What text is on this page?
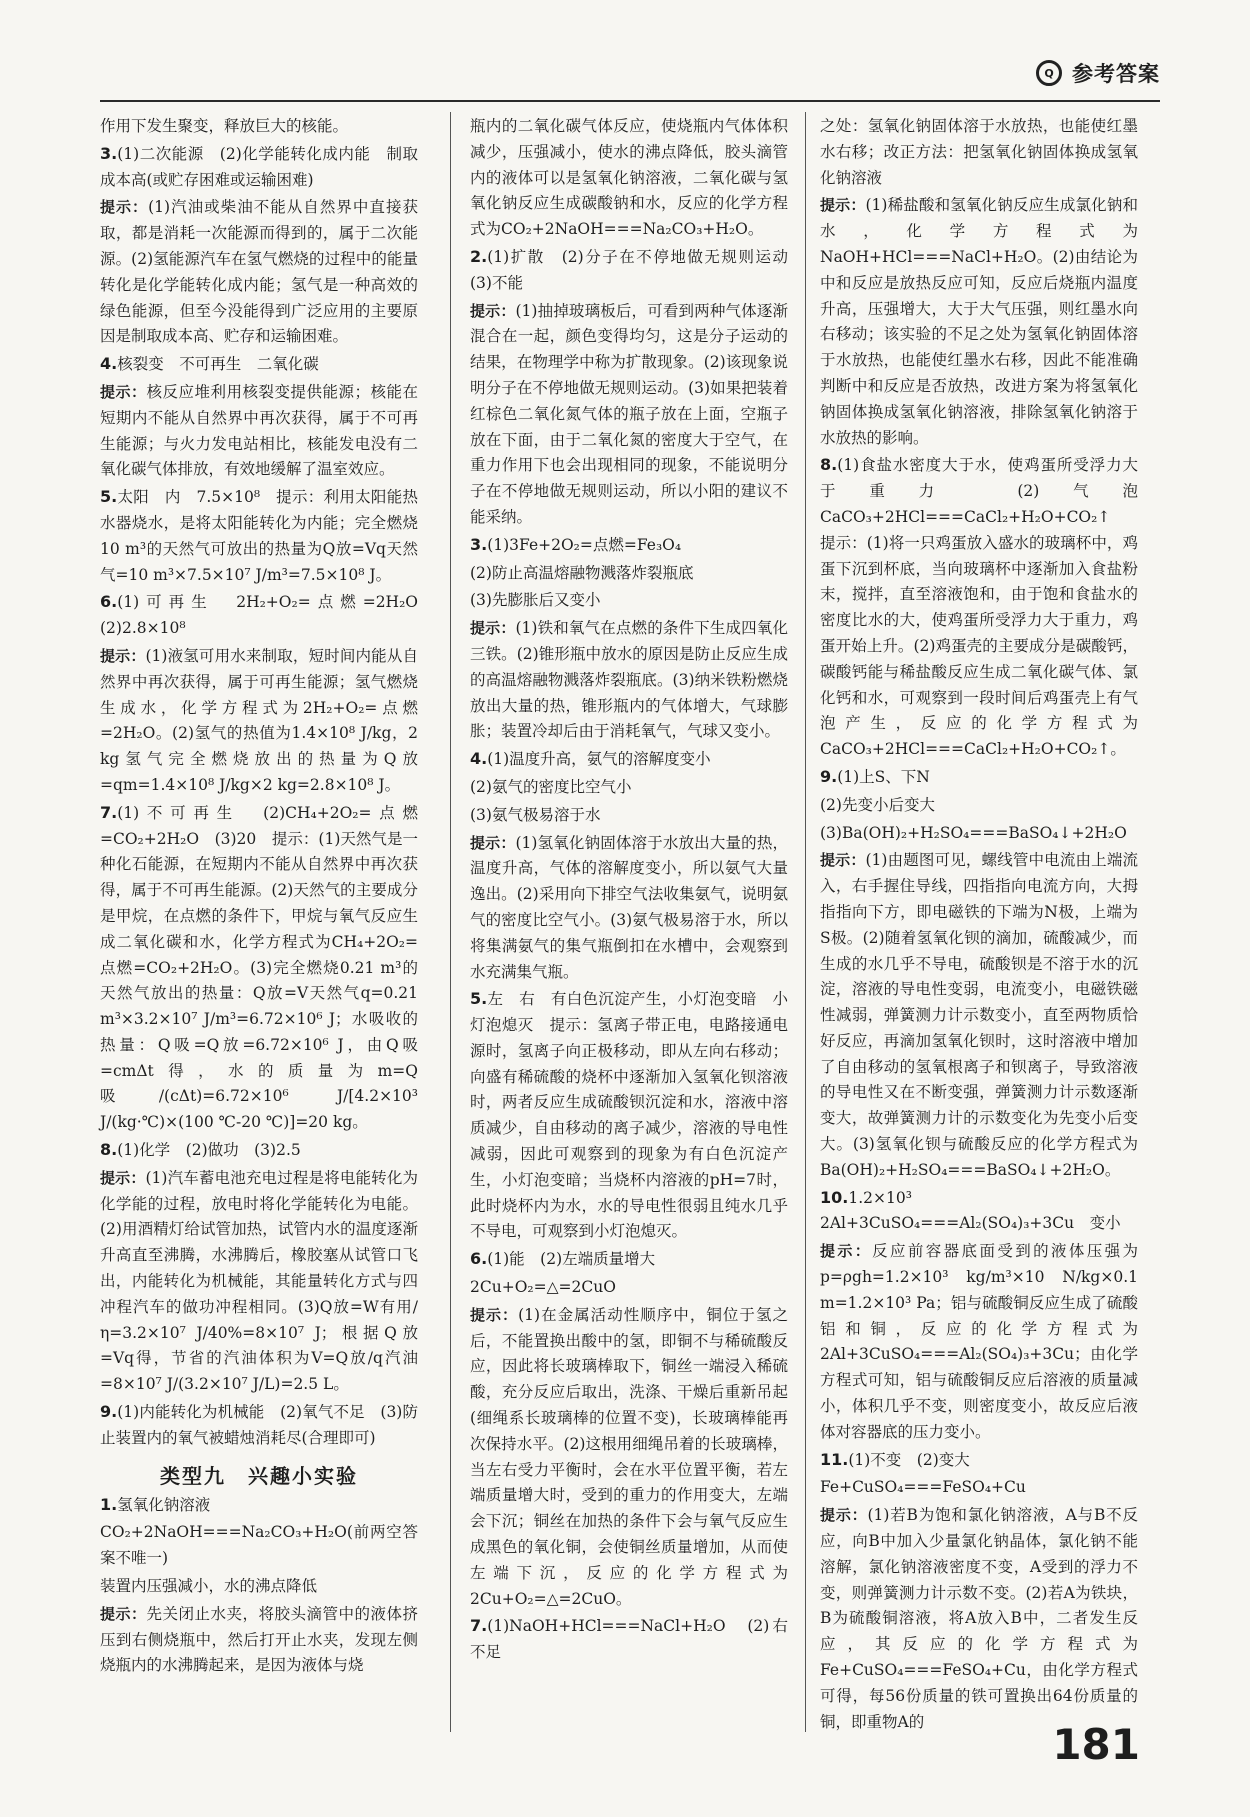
Q 参考答案

作用下发生聚变，释放巨大的核能。

3.(1)二次能源　(2)化学能转化成内能　制取成本高(或贮存困难或运输困难)

提示：(1)汽油或柴油不能从自然界中直接获取，都是消耗一次能源而得到的，属于二次能源。(2)氢能源汽车在氢气燃烧的过程中的能量转化是化学能转化成内能；氢气是一种高效的绿色能源，但至今没能得到广泛应用的主要原因是制取成本高、贮存和运输困难。

4.核裂变　不可再生　二氧化碳

提示：核反应堆利用核裂变提供能源；核能在短期内不能从自然界中再次获得，属于不可再生能源；与火力发电站相比，核能发电没有二氧化碳气体排放，有效地缓解了温室效应。

5.太阳　内　7.5×10⁸　提示：利用太阳能热水器烧水，是将太阳能转化为内能；完全燃烧10 m³的天然气可放出的热量为Q放=Vq天然气=10 m³×7.5×10⁷ J/m³=7.5×10⁸ J。

6.(1)可再生　2H₂+O₂=点燃=2H₂O　(2)2.8×10⁸

提示：(1)液氢可用水来制取，短时间内能从自然界中再次获得，属于可再生能源；氢气燃烧生成水，化学方程式为2H₂+O₂=点燃=2H₂O。(2)氢气的热值为1.4×10⁸ J/kg，2 kg氢气完全燃烧放出的热量为Q放=qm=1.4×10⁸ J/kg×2 kg=2.8×10⁸ J。

7.(1)不可再生　(2)CH₄+2O₂=点燃=CO₂+2H₂O　(3)20　提示：(1)天然气是一种化石能源，在短期内不能从自然界中再次获得，属于不可再生能源。(2)天然气的主要成分是甲烷，在点燃的条件下，甲烷与氧气反应生成二氧化碳和水，化学方程式为CH₄+2O₂=点燃=CO₂+2H₂O。(3)完全燃烧0.21 m³的天然气放出的热量：Q放=V天然气q=0.21 m³×3.2×10⁷ J/m³=6.72×10⁶ J；水吸收的热量：Q吸=Q放=6.72×10⁶ J，由Q吸=cmΔt得，水的质量为m=Q吸/(cΔt)=6.72×10⁶ J/[4.2×10³ J/(kg·℃)×(100 ℃-20 ℃)]=20 kg。

8.(1)化学　(2)做功　(3)2.5

提示：(1)汽车蓄电池充电过程是将电能转化为化学能的过程，放电时将化学能转化为电能。(2)用酒精灯给试管加热，试管内水的温度逐渐升高直至沸腾，水沸腾后，橡胶塞从试管口飞出，内能转化为机械能，其能量转化方式与四冲程汽车的做功冲程相同。(3)Q放=W有用/η=3.2×10⁷ J/40%=8×10⁷ J；根据Q放=Vq得，节省的汽油体积为V=Q放/q汽油=8×10⁷ J/(3.2×10⁷ J/L)=2.5 L。

9.(1)内能转化为机械能　(2)氧气不足　(3)防止装置内的氧气被蜡烛消耗尽(合理即可)

类型九　兴趣小实验

1.氢氧化钠溶液

CO₂+2NaOH===Na₂CO₃+H₂O(前两空答案不唯一)

装置内压强减小，水的沸点降低

提示：先关闭止水夹，将胶头滴管中的液体挤压到右侧烧瓶中，然后打开止水夹，发现左侧烧瓶内的水沸腾起来，是因为液体与烧

瓶内的二氧化碳气体反应，使烧瓶内气体体积减少，压强减小，使水的沸点降低，胶头滴管内的液体可以是氢氧化钠溶液，二氧化碳与氢氧化钠反应生成碳酸钠和水，反应的化学方程式为CO₂+2NaOH===Na₂CO₃+H₂O。

2.(1)扩散　(2)分子在不停地做无规则运动　(3)不能

提示：(1)抽掉玻璃板后，可看到两种气体逐渐混合在一起，颜色变得均匀，这是分子运动的结果，在物理学中称为扩散现象。(2)该现象说明分子在不停地做无规则运动。(3)如果把装着红棕色二氧化氮气体的瓶子放在上面，空瓶子放在下面，由于二氧化氮的密度大于空气，在重力作用下也会出现相同的现象，不能说明分子在不停地做无规则运动，所以小阳的建议不能采纳。

3.(1)3Fe+2O₂=点燃=Fe₃O₄

(2)防止高温熔融物溅落炸裂瓶底

(3)先膨胀后又变小

提示：(1)铁和氧气在点燃的条件下生成四氧化三铁。(2)锥形瓶中放水的原因是防止反应生成的高温熔融物溅落炸裂瓶底。(3)纳米铁粉燃烧放出大量的热，锥形瓶内的气体增大，气球膨胀；装置冷却后由于消耗氧气，气球又变小。

4.(1)温度升高，氨气的溶解度变小

(2)氨气的密度比空气小

(3)氨气极易溶于水

提示：(1)氢氧化钠固体溶于水放出大量的热，温度升高，气体的溶解度变小，所以氨气大量逸出。(2)采用向下排空气法收集氨气，说明氨气的密度比空气小。(3)氨气极易溶于水，所以将集满氨气的集气瓶倒扣在水槽中，会观察到水充满集气瓶。

5.左　右　有白色沉淀产生，小灯泡变暗　小灯泡熄灭　提示：氢离子带正电，电路接通电源时，氢离子向正极移动，即从左向右移动；向盛有稀硫酸的烧杯中逐渐加入氢氧化钡溶液时，两者反应生成硫酸钡沉淀和水，溶液中溶质减少，自由移动的离子减少，溶液的导电性减弱，因此可观察到的现象为有白色沉淀产生，小灯泡变暗；当烧杯内溶液的pH=7时，此时烧杯内为水，水的导电性很弱且纯水几乎不导电，可观察到小灯泡熄灭。

6.(1)能　(2)左端质量增大

2Cu+O₂=△=2CuO

提示：(1)在金属活动性顺序中，铜位于氢之后，不能置换出酸中的氢，即铜不与稀硫酸反应，因此将长玻璃棒取下，铜丝一端浸入稀硫酸，充分反应后取出，洗涤、干燥后重新吊起(细绳系长玻璃棒的位置不变)，长玻璃棒能再次保持水平。(2)这根用细绳吊着的长玻璃棒，当左右受力平衡时，会在水平位置平衡，若左端质量增大时，受到的重力的作用变大，左端会下沉；铜丝在加热的条件下会与氧气反应生成黑色的氧化铜，会使铜丝质量增加，从而使左端下沉，反应的化学方程式为2Cu+O₂=△=2CuO。

7.(1)NaOH+HCl===NaCl+H₂O　(2)右　不足

之处：氢氧化钠固体溶于水放热，也能使红墨水右移；改正方法：把氢氧化钠固体换成氢氧化钠溶液

提示：(1)稀盐酸和氢氧化钠反应生成氯化钠和水，化学方程式为NaOH+HCl===NaCl+H₂O。(2)由结论为中和反应是放热反应可知，反应后烧瓶内温度升高，压强增大，大于大气压强，则红墨水向右移动；该实验的不足之处为氢氧化钠固体溶于水放热，也能使红墨水右移，因此不能准确判断中和反应是否放热，改进方案为将氢氧化钠固体换成氢氧化钠溶液，排除氢氧化钠溶于水放热的影响。

8.(1)食盐水密度大于水，使鸡蛋所受浮力大于重力　(2)气泡　CaCO₃+2HCl===CaCl₂+H₂O+CO₂↑　提示：(1)将一只鸡蛋放入盛水的玻璃杯中，鸡蛋下沉到杯底，当向玻璃杯中逐渐加入食盐粉末，搅拌，直至溶液饱和，由于饱和食盐水的密度比水的大，使鸡蛋所受浮力大于重力，鸡蛋开始上升。(2)鸡蛋壳的主要成分是碳酸钙，碳酸钙能与稀盐酸反应生成二氧化碳气体、氯化钙和水，可观察到一段时间后鸡蛋壳上有气泡产生，反应的化学方程式为CaCO₃+2HCl===CaCl₂+H₂O+CO₂↑。

9.(1)上S、下N

(2)先变小后变大

(3)Ba(OH)₂+H₂SO₄===BaSO₄↓+2H₂O

提示：(1)由题图可见，螺线管中电流由上端流入，右手握住导线，四指指向电流方向，大拇指指向下方，即电磁铁的下端为N极，上端为S极。(2)随着氢氧化钡的滴加，硫酸减少，而生成的水几乎不导电，硫酸钡是不溶于水的沉淀，溶液的导电性变弱，电流变小，电磁铁磁性减弱，弹簧测力计示数变小，直至两物质恰好反应，再滴加氢氧化钡时，这时溶液中增加了自由移动的氢氧根离子和钡离子，导致溶液的导电性又在不断变强，弹簧测力计示数逐渐变大，故弹簧测力计的示数变化为先变小后变大。(3)氢氧化钡与硫酸反应的化学方程式为Ba(OH)₂+H₂SO₄===BaSO₄↓+2H₂O。

10.1.2×10³　2Al+3CuSO₄===Al₂(SO₄)₃+3Cu　变小

提示：反应前容器底面受到的液体压强为p=ρgh=1.2×10³ kg/m³×10 N/kg×0.1 m=1.2×10³ Pa；铝与硫酸铜反应生成了硫酸铝和铜，反应的化学方程式为2Al+3CuSO₄===Al₂(SO₄)₃+3Cu；由化学方程式可知，铝与硫酸铜反应后溶液的质量减小，体积几乎不变，则密度变小，故反应后液体对容器底的压力变小。

11.(1)不变　(2)变大

Fe+CuSO₄===FeSO₄+Cu

提示：(1)若B为饱和氯化钠溶液，A与B不反应，向B中加入少量氯化钠晶体，氯化钠不能溶解，氯化钠溶液密度不变，A受到的浮力不变，则弹簧测力计示数不变。(2)若A为铁块，B为硫酸铜溶液，将A放入B中，二者发生反应，其反应的化学方程式为Fe+CuSO₄===FeSO₄+Cu，由化学方程式可得，每56份质量的铁可置换出64份质量的铜，即重物A的	181
